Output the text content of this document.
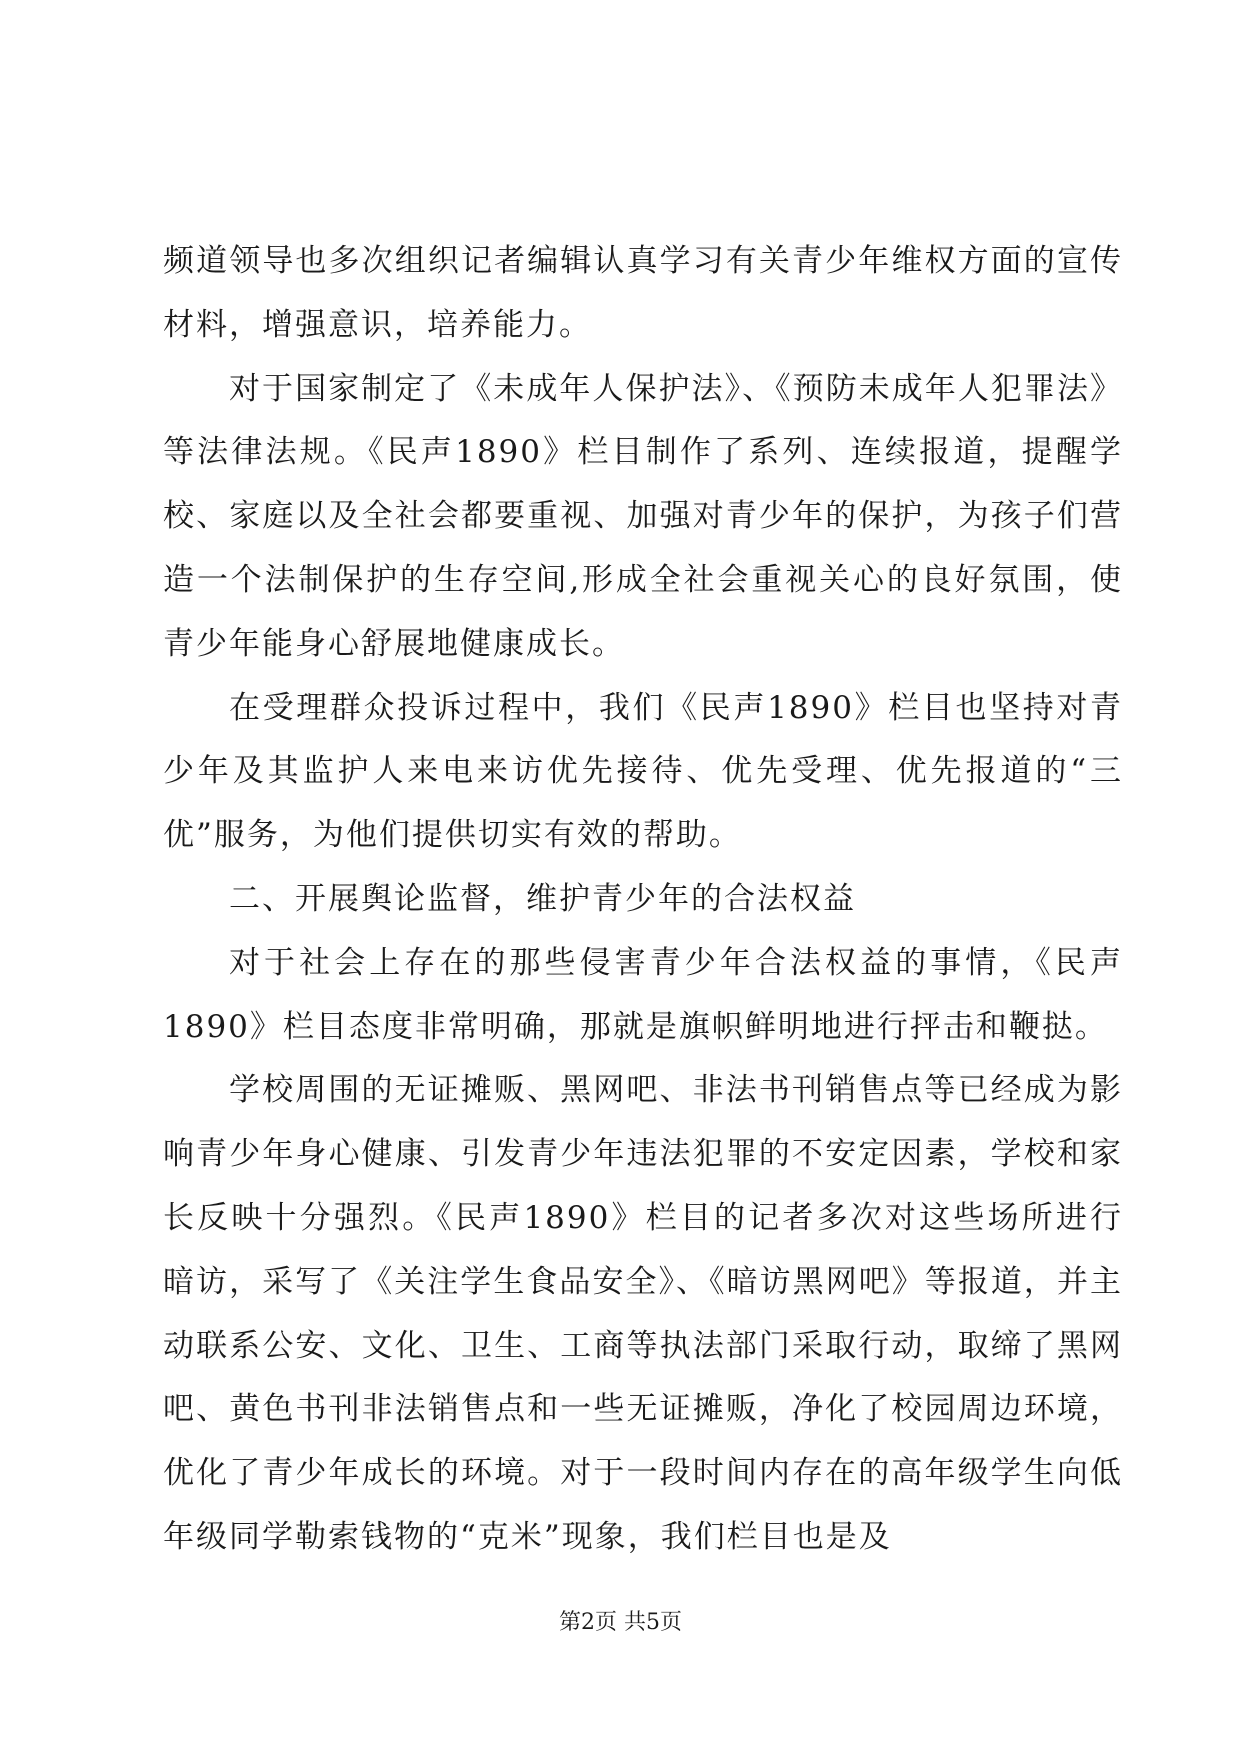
频道领导也多次组织记者编辑认真学习有关青少年维权方面的宣传材料，增强意识，培养能力。

对于国家制定了《未成年人保护法》、《预防未成年人犯罪法》等法律法规。《民声1890》栏目制作了系列、连续报道，提醒学校、家庭以及全社会都要重视、加强对青少年的保护，为孩子们营造一个法制保护的生存空间,形成全社会重视关心的良好氛围，使青少年能身心舒展地健康成长。

在受理群众投诉过程中，我们《民声1890》栏目也坚持对青少年及其监护人来电来访优先接待、优先受理、优先报道的“三优”服务，为他们提供切实有效的帮助。

二、开展舆论监督，维护青少年的合法权益

对于社会上存在的那些侵害青少年合法权益的事情，《民声1890》栏目态度非常明确，那就是旗帜鲜明地进行抨击和鞭挞。

学校周围的无证摊贩、黑网吧、非法书刊销售点等已经成为影响青少年身心健康、引发青少年违法犯罪的不安定因素，学校和家长反映十分强烈。《民声1890》栏目的记者多次对这些场所进行暗访，采写了《关注学生食品安全》、《暗访黑网吧》等报道，并主动联系公安、文化、卫生、工商等执法部门采取行动，取缔了黑网吧、黄色书刊非法销售点和一些无证摊贩，净化了校园周边环境，优化了青少年成长的环境。对于一段时间内存在的高年级学生向低年级同学勒索钱物的“克米”现象，我们栏目也是及

第2页 共5页
